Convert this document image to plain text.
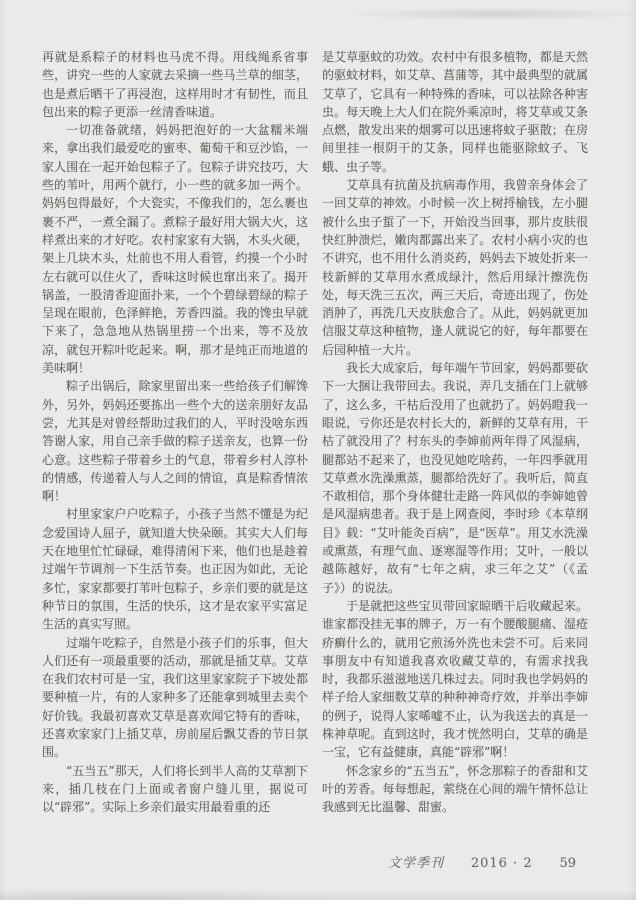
再就是系粽子的材料也马虎不得。用线绳系省事些，讲究一些的人家就去采摘一些马兰草的细茎，也是煮后晒干了再浸泡，这样用时才有韧性，而且包出来的粽子更添一丝清香味道。

一切准备就绪，妈妈把泡好的一大盆糯米端来，拿出我们最爱吃的蜜枣、葡萄干和豆沙馅，一家人围在一起开始包粽子了。包粽子讲究技巧，大些的苇叶，用两个就行，小一些的就多加一两个。妈妈包得最好，个大瓷实，不像我们的，怎么裹也裹不严，一煮全漏了。煮粽子最好用大锅大火，这样煮出来的才好吃。农村家家有大锅，木头火硬，架上几块木头，灶前也不用人看管，约摸一个小时左右就可以住火了，香味这时候也窜出来了。揭开锅盖，一股清香迎面扑来，一个个碧绿碧绿的粽子呈现在眼前，色泽鲜艳，芳香四溢。我的馋虫早就下来了，急急地从热锅里捞一个出来，等不及放凉，就包开粽叶吃起来。啊，那才是纯正而地道的美味啊！

粽子出锅后，除家里留出来一些给孩子们解馋外，另外，妈妈还要拣出一些个大的送亲朋好友品尝，尤其是对曾经帮助过我们的人，平时没啥东西答谢人家，用自己亲手做的粽子送亲友，也算一份心意。这些粽子带着乡土的气息，带着乡村人淳朴的情感，传递着人与人之间的情谊，真是粽香情浓啊！

村里家家户户吃粽子，小孩子当然不懂是为纪念爱国诗人屈子，就知道大快朵颐。其实大人们每天在地里忙忙碌碌，难得清闲下来，他们也是趁着过端午节调剂一下生活节奏。也正因为如此，无论多忙，家家都要打苇叶包粽子，乡亲们要的就是这种节日的氛围，生活的快乐，这才是农家平实富足生活的真实写照。

过端午吃粽子，自然是小孩子们的乐事，但大人们还有一项最重要的活动，那就是插艾草。艾草在我们农村可是一宝，我们这里家家院子下坡处都要种植一片，有的人家种多了还能拿到城里去卖个好价钱。我最初喜欢艾草是喜欢闻它特有的香味，还喜欢家家门上插艾草，房前屋后飘艾香的节日氛围。

“五当五”那天，人们将长到半人高的艾草割下来，插几枝在门上面或者窗户缝儿里，据说可以“辟邪”。实际上乡亲们最实用最看重的还

是艾草驱蚊的功效。农村中有很多植物，都是天然的驱蚊材料，如艾草、菖蒲等，其中最典型的就属艾草了，它具有一种特殊的香味，可以祛除各种害虫。每天晚上大人们在院外乘凉时，将艾草或艾条点燃，散发出来的烟雾可以迅速将蚊子驱散；在房间里挂一根阴干的艾条，同样也能驱除蚊子、飞蛾、虫子等。

艾草具有抗菌及抗病毒作用，我曾亲身体会了一回艾草的神效。小时候一次上树捋榆钱，左小腿被什么虫子蜇了一下，开始没当回事，那片皮肤很快红肿溃烂，嫩肉都露出来了。农村小病小灾的也不讲究，也不用什么消炎药，妈妈去下坡处折来一枝新鲜的艾草用水煮成绿汁，然后用绿汁擦洗伤处，每天洗三五次，两三天后，奇迹出现了，伤处消肿了，再洗几天皮肤愈合了。从此，妈妈就更加信服艾草这种植物，逢人就说它的好，每年都要在后园种植一大片。

我长大成家后，每年端午节回家，妈妈都要砍下一大捆让我带回去。我说，弄几支插在门上就够了，这么多，干枯后没用了也就扔了。妈妈瞪我一眼说，亏你还是农村长大的，新鲜的艾草有用，干枯了就没用了？村东头的李婶前两年得了风湿病，腿都站不起来了，也没见她吃啥药，一年四季就用艾草煮水洗澡熏蒸，腿都给洗好了。我听后，简直不敢相信，那个身体健壮走路一阵风似的李婶她曾是风湿病患者。我于是上网查阅，李时珍《本草纲目》载：“艾叶能灸百病”，是“医草”。用艾水洗澡或熏蒸，有理气血、逐寒湿等作用；艾叶，一般以越陈越好，故有“七年之病，求三年之艾”（《孟子》）的说法。

于是就把这些宝贝带回家晾晒干后收藏起来。谁家都没挂无事的牌子，万一有个腰酸腿痛、湿疮疥癣什么的，就用它煎汤外洗也未尝不可。后来同事朋友中有知道我喜欢收藏艾草的，有需求找我时，我都乐滋滋地送几株过去。同时我也学妈妈的样子给人家细数艾草的种种神奇疗效，并举出李婶的例子，说得人家唏嘘不止，认为我送去的真是一株神草呢。直到这时，我才恍然明白，艾草的确是一宝，它有益健康，真能“辟邪”啊！

怀念家乡的“五当五”，怀念那粽子的香甜和艾叶的芳香。每每想起，萦绕在心间的端午情怀总让我感到无比温馨、甜蜜。

文学季刊 2016 · 2 59
